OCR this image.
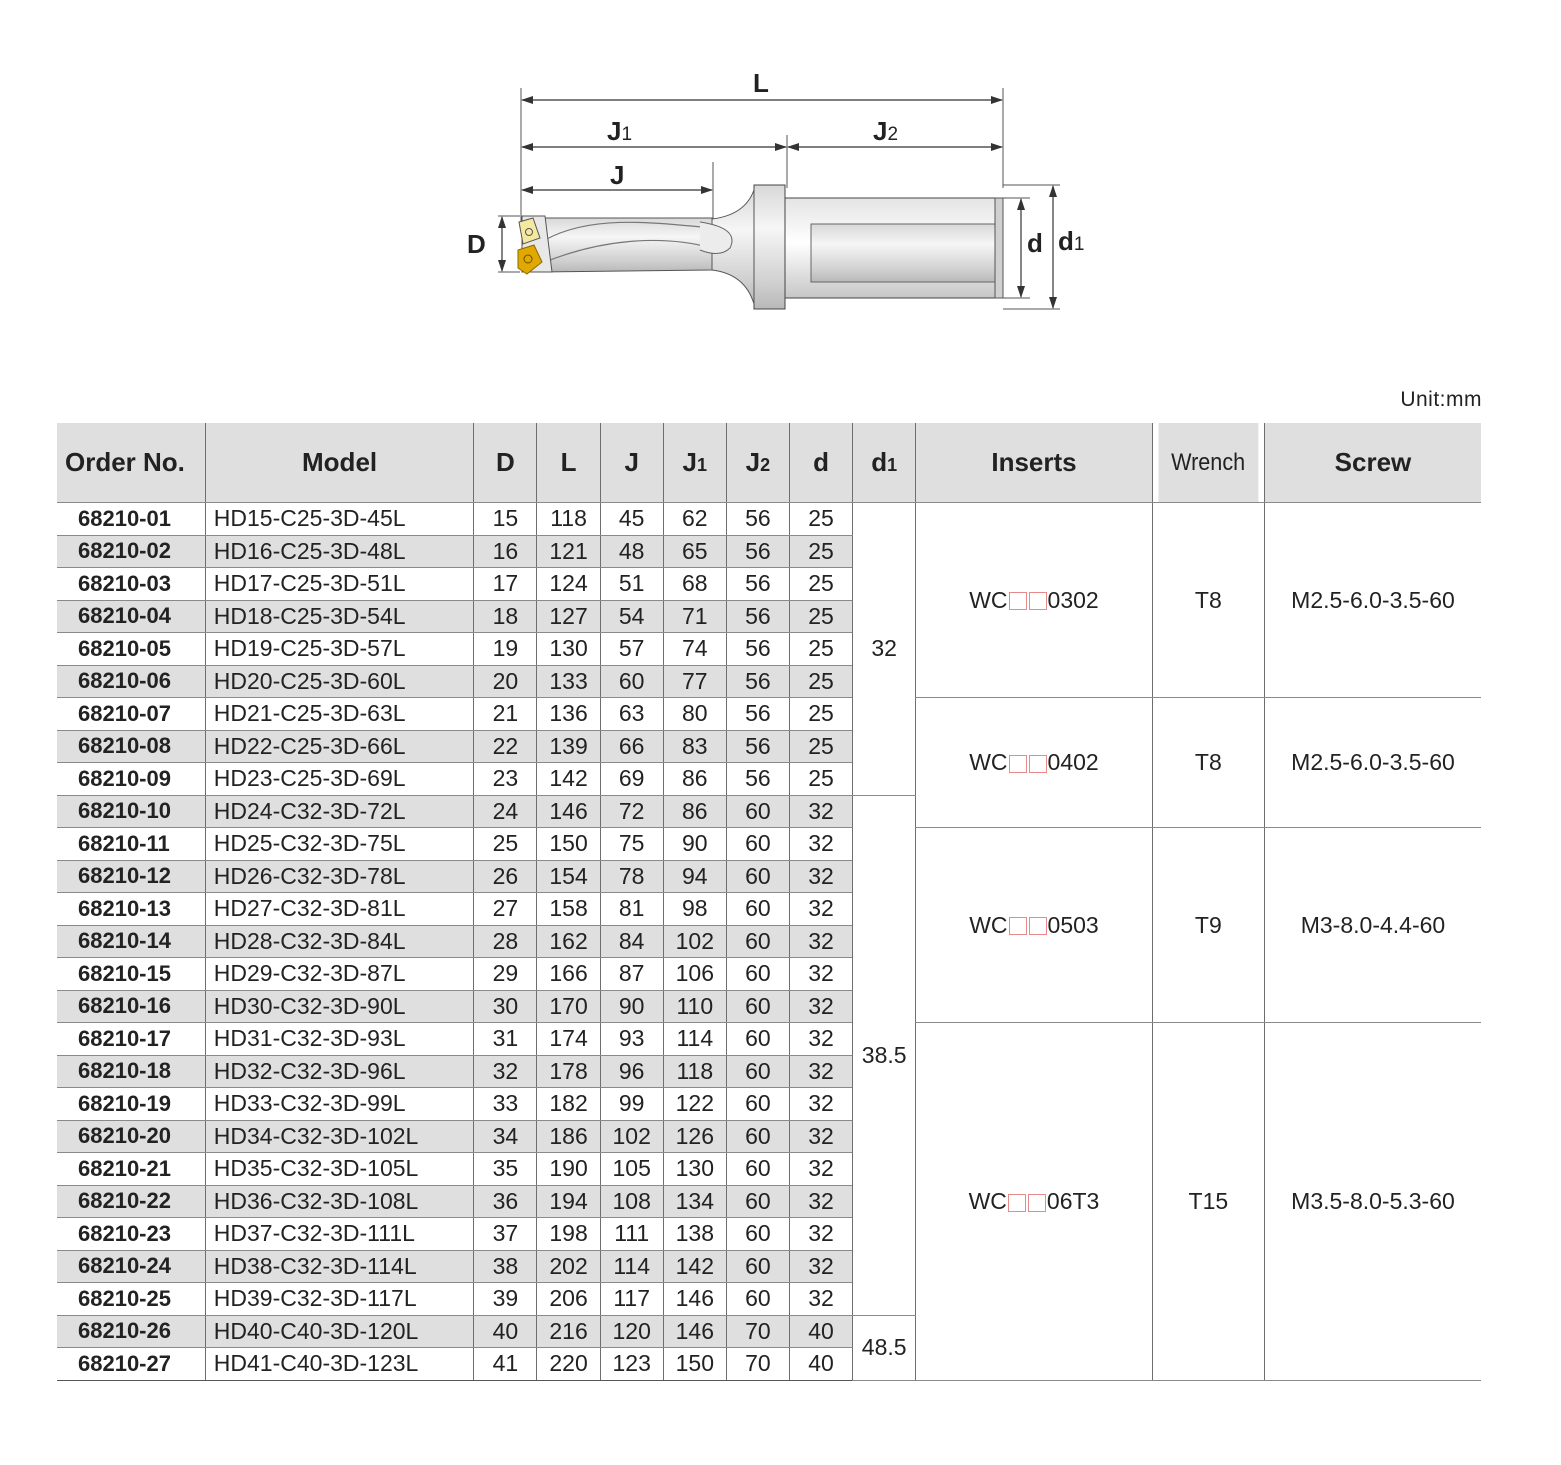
L
J1	J2
J
D	d d1
Unit:mm
Order No.	Model	D	L	J	J1	J2	d	d1	Inserts	Wrench	Screw
68210-01	HD15-C25-3D-45L	15	118	45	62	56	25	32	WC 0302	T8	M2.5-6.0-3.5-60
68210-02	HD16-C25-3D-48L	16	121	48	65	56	25				
68210-03	HD17-C25-3D-51L	17	124	51	68	56	25				
68210-04	HD18-C25-3D-54L	18	127	54	71	56	25				
68210-05	HD19-C25-3D-57L	19	130	57	74	56	25				
68210-06	HD20-C25-3D-60L	20	133	60	77	56	25				
68210-07	HD21-C25-3D-63L	21	136	63	80	56	25		WC 0402	T8	M2.5-6.0-3.5-60
68210-08	HD22-C25-3D-66L	22	139	66	83	56	25				
68210-09	HD23-C25-3D-69L	23	142	69	86	56	25				
68210-10	HD24-C32-3D-72L	24	146	72	86	60	32	38.5			
68210-11	HD25-C32-3D-75L	25	150	75	90	60	32		WC 0503	T9	M3-8.0-4.4-60
68210-12	HD26-C32-3D-78L	26	154	78	94	60	32				
68210-13	HD27-C32-3D-81L	27	158	81	98	60	32				
68210-14	HD28-C32-3D-84L	28	162	84	102	60	32				
68210-15	HD29-C32-3D-87L	29	166	87	106	60	32				
68210-16	HD30-C32-3D-90L	30	170	90	110	60	32				
68210-17	HD31-C32-3D-93L	31	174	93	114	60	32		WC 06T3	T15	M3.5-8.0-5.3-60
68210-18	HD32-C32-3D-96L	32	178	96	118	60	32				
68210-19	HD33-C32-3D-99L	33	182	99	122	60	32				
68210-20	HD34-C32-3D-102L	34	186	102	126	60	32				
68210-21	HD35-C32-3D-105L	35	190	105	130	60	32				
68210-22	HD36-C32-3D-108L	36	194	108	134	60	32				
68210-23	HD37-C32-3D-111L	37	198	111	138	60	32				
68210-24	HD38-C32-3D-114L	38	202	114	142	60	32				
68210-25	HD39-C32-3D-117L	39	206	117	146	60	32				
68210-26	HD40-C40-3D-120L	40	216	120	146	70	40	48.5			
68210-27	HD41-C40-3D-123L	41	220	123	150	70	40				
